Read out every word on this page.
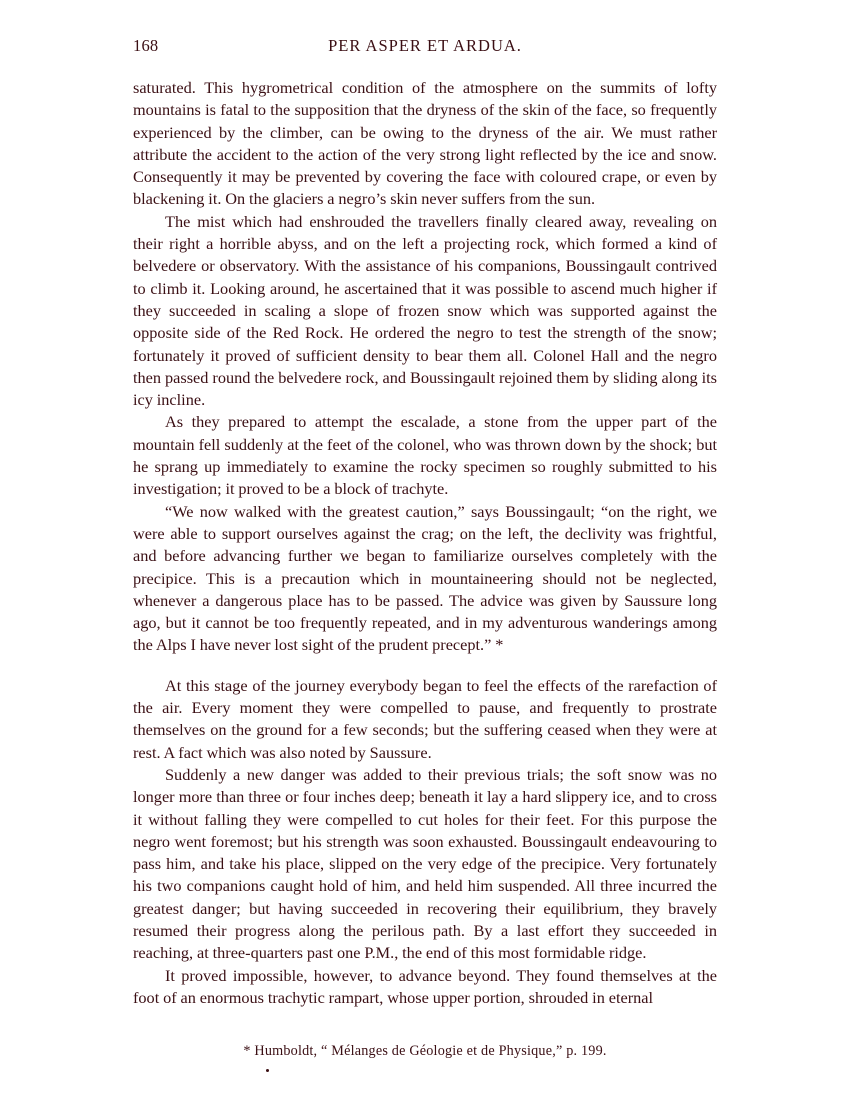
168	PER ASPER ET ARDUA.

saturated. This hygrometrical condition of the atmosphere on the summits of lofty mountains is fatal to the supposition that the dryness of the skin of the face, so frequently experienced by the climber, can be owing to the dryness of the air. We must rather attribute the accident to the action of the very strong light reflected by the ice and snow. Consequently it may be prevented by covering the face with coloured crape, or even by blackening it. On the glaciers a negro’s skin never suffers from the sun.

The mist which had enshrouded the travellers finally cleared away, revealing on their right a horrible abyss, and on the left a projecting rock, which formed a kind of belvedere or observatory. With the assistance of his companions, Boussingault contrived to climb it. Looking around, he ascertained that it was possible to ascend much higher if they succeeded in scaling a slope of frozen snow which was supported against the opposite side of the Red Rock. He ordered the negro to test the strength of the snow; fortunately it proved of sufficient density to bear them all. Colonel Hall and the negro then passed round the belvedere rock, and Boussingault rejoined them by sliding along its icy incline.

As they prepared to attempt the escalade, a stone from the upper part of the mountain fell suddenly at the feet of the colonel, who was thrown down by the shock; but he sprang up immediately to examine the rocky specimen so roughly submitted to his investigation; it proved to be a block of trachyte.

“We now walked with the greatest caution,” says Boussingault; “on the right, we were able to support ourselves against the crag; on the left, the declivity was frightful, and before advancing further we began to familiarize ourselves completely with the precipice. This is a precaution which in mountaineering should not be neglected, whenever a dangerous place has to be passed. The advice was given by Saussure long ago, but it cannot be too frequently repeated, and in my adventurous wanderings among the Alps I have never lost sight of the prudent precept.” *

At this stage of the journey everybody began to feel the effects of the rarefaction of the air. Every moment they were compelled to pause, and frequently to prostrate themselves on the ground for a few seconds; but the suffering ceased when they were at rest. A fact which was also noted by Saussure.

Suddenly a new danger was added to their previous trials; the soft snow was no longer more than three or four inches deep; beneath it lay a hard slippery ice, and to cross it without falling they were compelled to cut holes for their feet. For this purpose the negro went foremost; but his strength was soon exhausted. Boussingault endeavouring to pass him, and take his place, slipped on the very edge of the precipice. Very fortunately his two companions caught hold of him, and held him suspended. All three incurred the greatest danger; but having succeeded in recovering their equilibrium, they bravely resumed their progress along the perilous path. By a last effort they succeeded in reaching, at three-quarters past one P.M., the end of this most formidable ridge.

It proved impossible, however, to advance beyond. They found themselves at the foot of an enormous trachytic rampart, whose upper portion, shrouded in eternal

* Humboldt, “ Mélanges de Géologie et de Physique,” p. 199.
